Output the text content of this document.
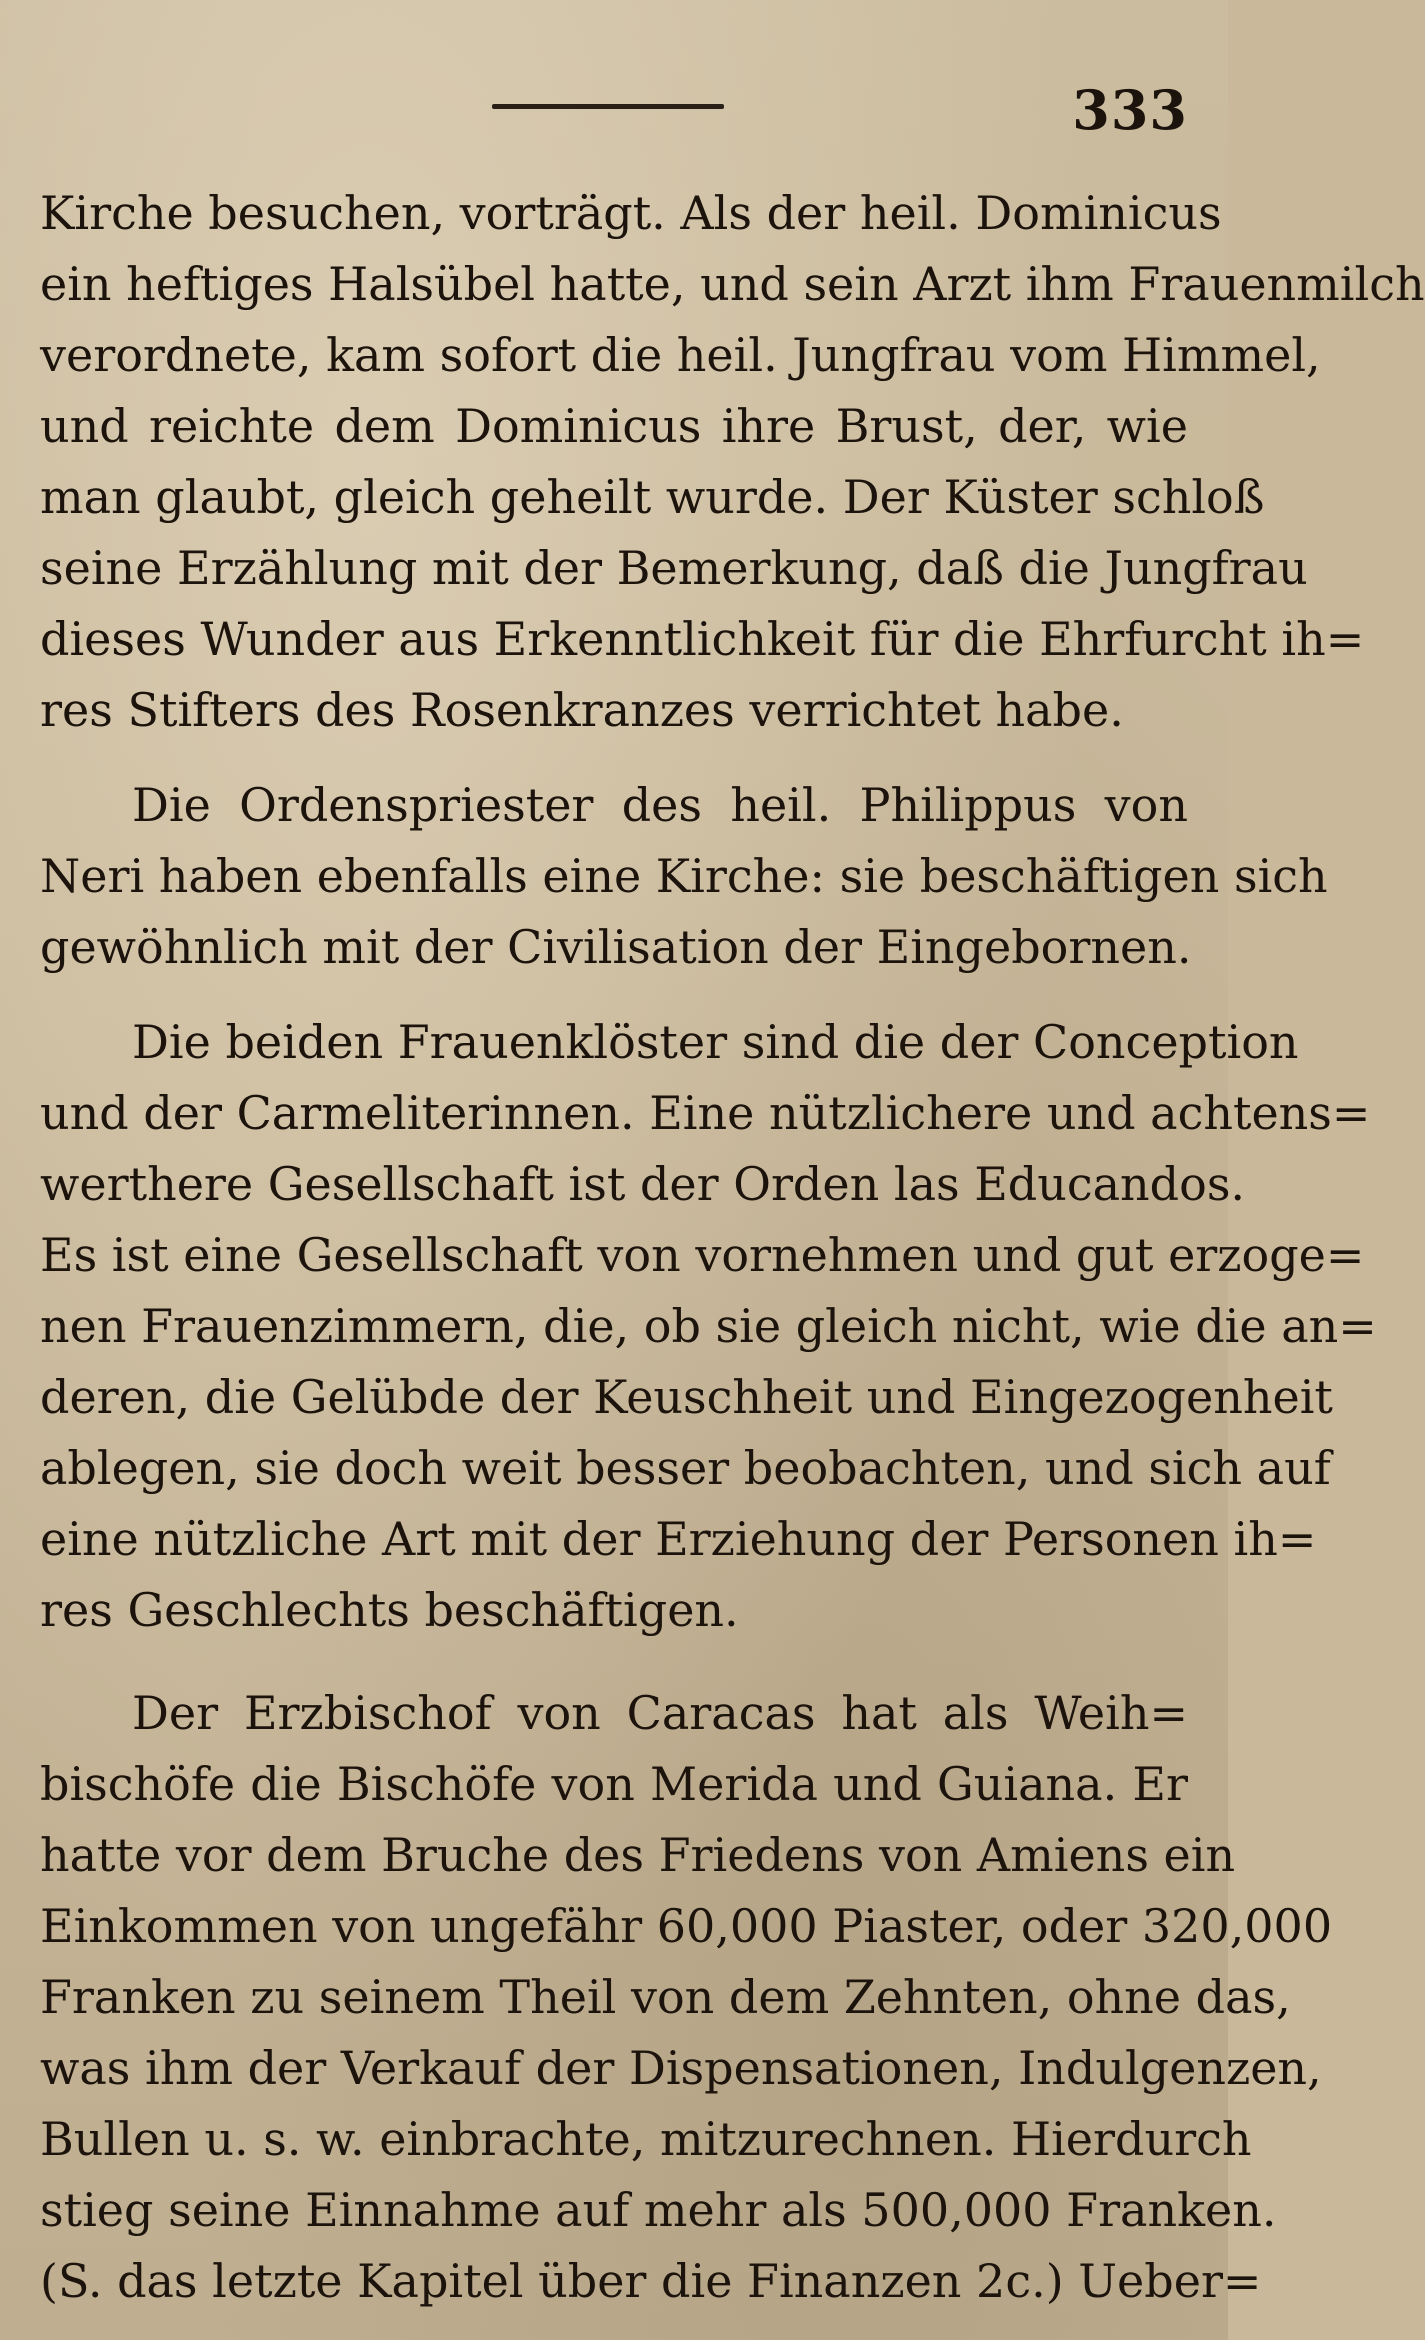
333
Kirche besuchen, vorträgt. Als der heil. Dominicus
ein heftiges Halsübel hatte, und sein Arzt ihm Frauenmilch
verordnete, kam sofort die heil. Jungfrau vom Himmel,
und reichte dem Dominicus ihre Brust, der, wie
man glaubt, gleich geheilt wurde. Der Küster schloß
seine Erzählung mit der Bemerkung, daß die Jungfrau
dieses Wunder aus Erkenntlichkeit für die Ehrfurcht ih=
res Stifters des Rosenkranzes verrichtet habe.
Die Ordenspriester des heil. Philippus von
Neri haben ebenfalls eine Kirche: sie beschäftigen sich
gewöhnlich mit der Civilisation der Eingebornen.
Die beiden Frauenklöster sind die der Conception
und der Carmeliterinnen. Eine nützlichere und achtens=
werthere Gesellschaft ist der Orden las Educandos.
Es ist eine Gesellschaft von vornehmen und gut erzoge=
nen Frauenzimmern, die, ob sie gleich nicht, wie die an=
deren, die Gelübde der Keuschheit und Eingezogenheit
ablegen, sie doch weit besser beobachten, und sich auf
eine nützliche Art mit der Erziehung der Personen ih=
res Geschlechts beschäftigen.
Der Erzbischof von Caracas hat als Weih=
bischöfe die Bischöfe von Merida und Guiana. Er
hatte vor dem Bruche des Friedens von Amiens ein
Einkommen von ungefähr 60,000 Piaster, oder 320,000
Franken zu seinem Theil von dem Zehnten, ohne das,
was ihm der Verkauf der Dispensationen, Indulgenzen,
Bullen u. s. w. einbrachte, mitzurechnen. Hierdurch
stieg seine Einnahme auf mehr als 500,000 Franken.
(S. das letzte Kapitel über die Finanzen 2c.) Ueber=
